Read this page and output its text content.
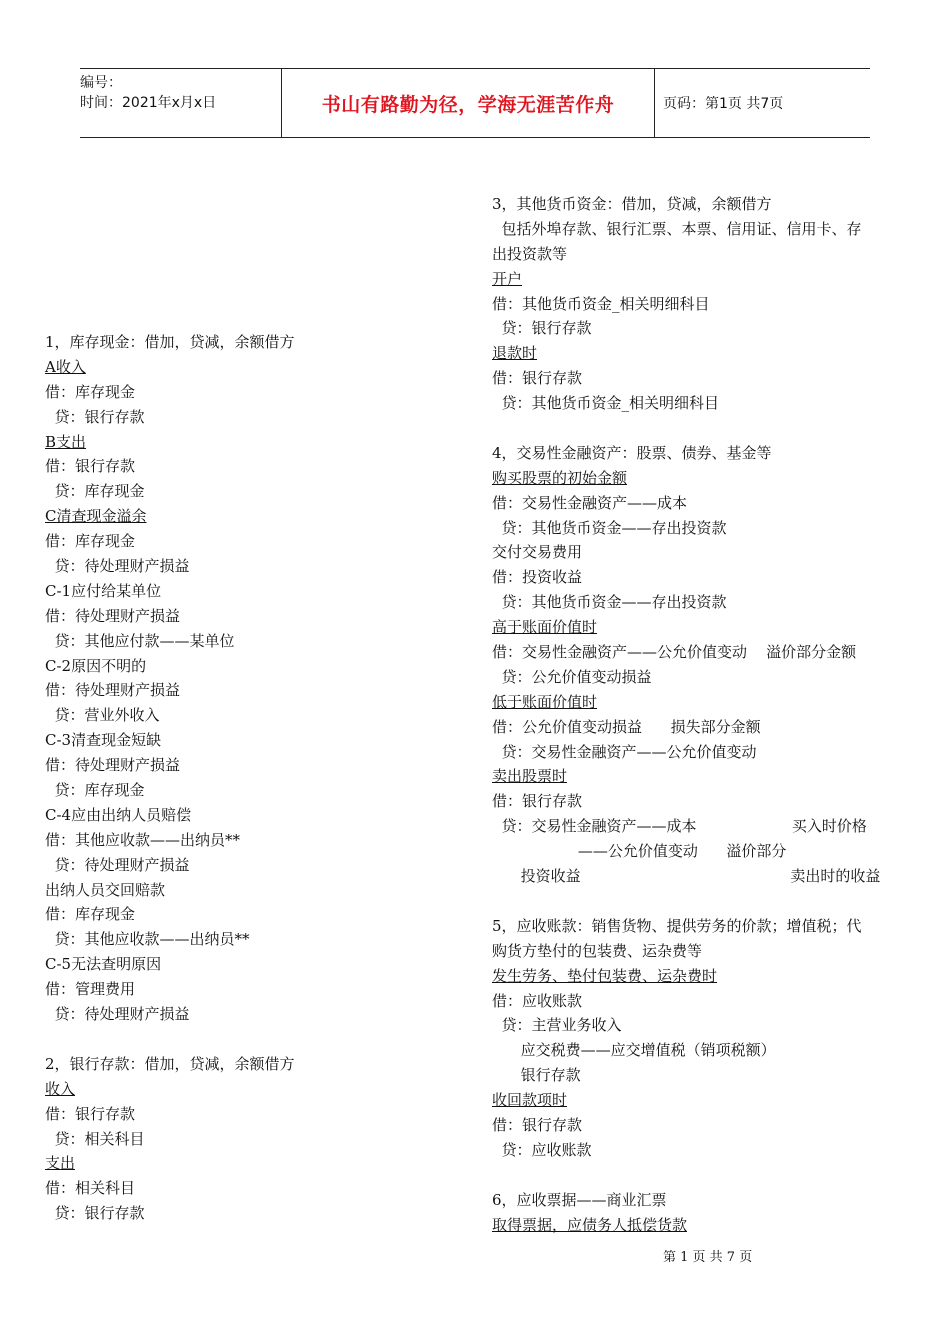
编号：
时间：2021年x月x日	书山有路勤为径，学海无涯苦作舟	页码：第1页 共7页
1，库存现金：借加，贷减，余额借方
A收入
借：库存现金
贷：银行存款
B支出
借：银行存款
贷：库存现金
C清查现金溢余
借：库存现金
贷：待处理财产损益
C-1应付给某单位
借：待处理财产损益
贷：其他应付款——某单位
C-2原因不明的
借：待处理财产损益
贷：营业外收入
C-3清查现金短缺
借：待处理财产损益
贷：库存现金
C-4应由出纳人员赔偿
借：其他应收款——出纳员**
贷：待处理财产损益
出纳人员交回赔款
借：库存现金
贷：其他应收款——出纳员**
C-5无法查明原因
借：管理费用
贷：待处理财产损益
2，银行存款：借加，贷减，余额借方
收入
借：银行存款
贷：相关科目
支出
借：相关科目
贷：银行存款
3，其他货币资金：借加，贷减，余额借方
包括外埠存款、银行汇票、本票、信用证、信用卡、存
出投资款等
开户
借：其他货币资金_相关明细科目
贷：银行存款
退款时
借：银行存款
贷：其他货币资金_相关明细科目
4，交易性金融资产：股票、债券、基金等
购买股票的初始金额
借：交易性金融资产——成本
贷：其他货币资金——存出投资款
交付交易费用
借：投资收益
贷：其他货币资金——存出投资款
高于账面价值时
借：交易性金融资产——公允价值变动    溢价部分金额
贷：公允价值变动损益
低于账面价值时
借：公允价值变动损益      损失部分金额
贷：交易性金融资产——公允价值变动
卖出股票时
借：银行存款
贷：交易性金融资产——成本                    买入时价格
——公允价值变动      溢价部分
投资收益                                            卖出时的收益
5，应收账款：销售货物、提供劳务的价款；增值税；代
购货方垫付的包装费、运杂费等
发生劳务、垫付包装费、运杂费时
借：应收账款
贷：主营业务收入
应交税费——应交增值税（销项税额）
银行存款
收回款项时
借：银行存款
贷：应收账款
6，应收票据——商业汇票
取得票据，应债务人抵偿货款
第 1 页 共 7 页
